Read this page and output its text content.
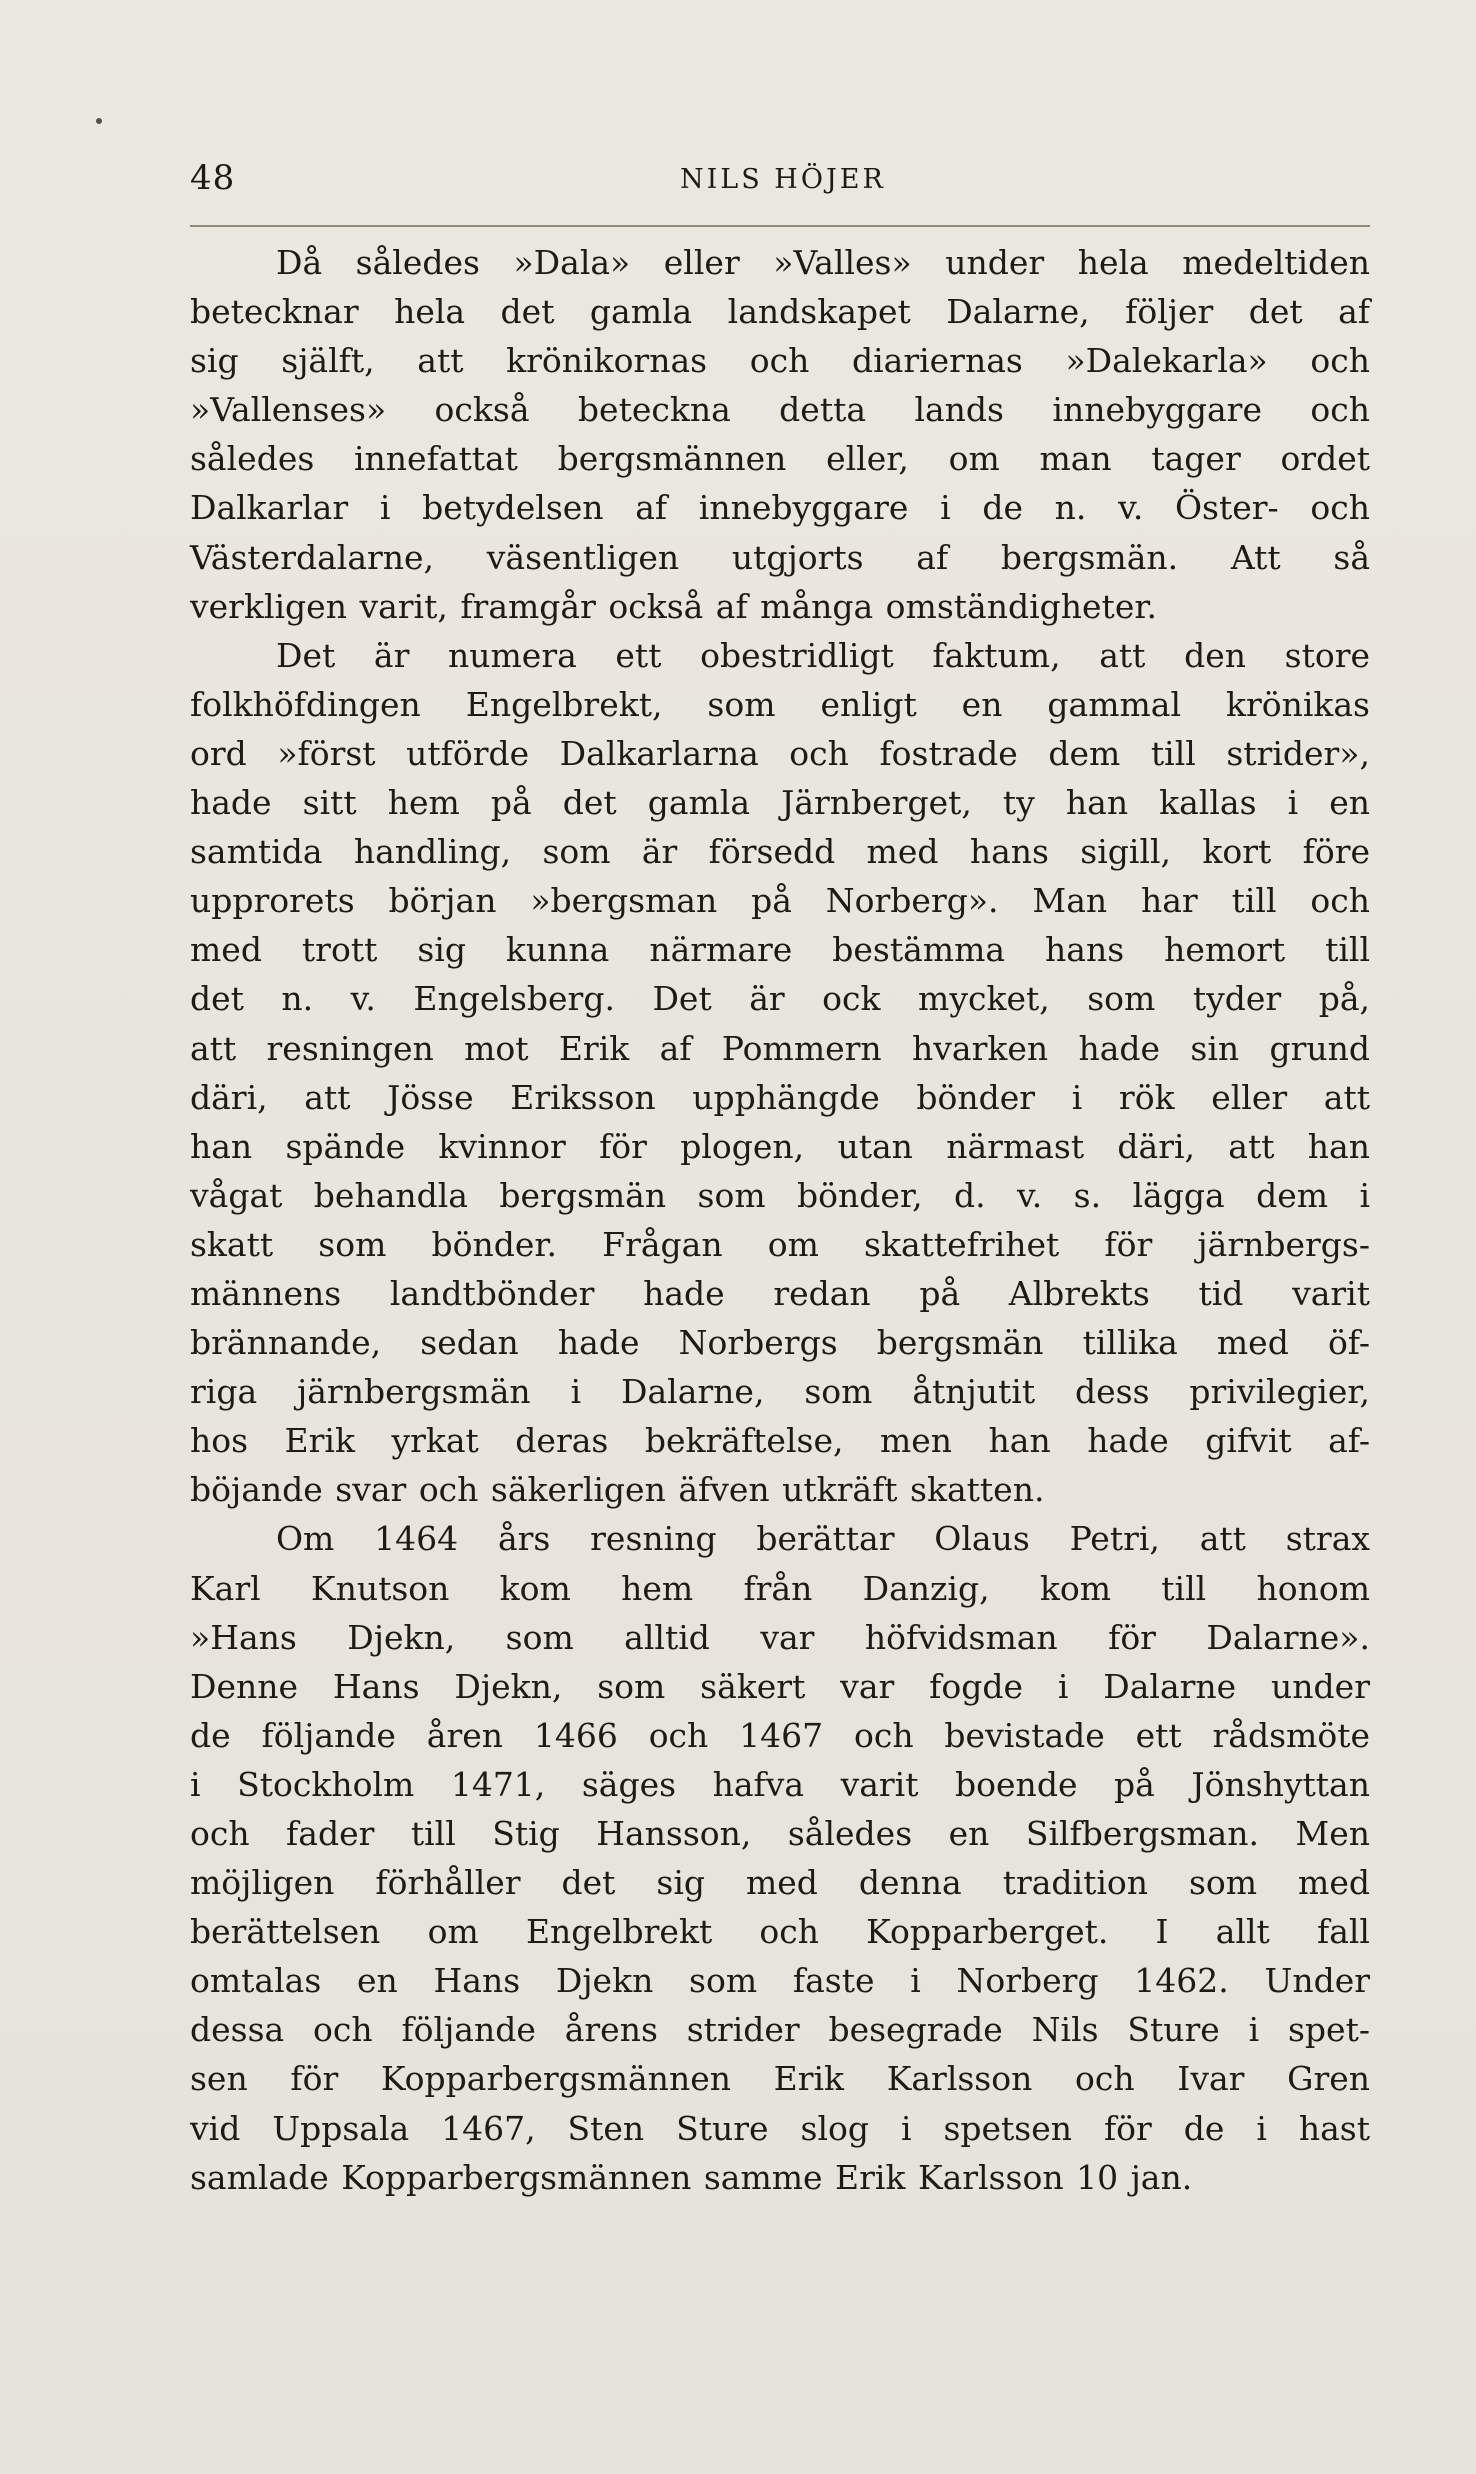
48	NILS HÖJER
Då således »Dala» eller »Valles» under hela medeltiden
betecknar hela det gamla landskapet Dalarne, följer det af
sig själft, att krönikornas och diariernas »Dalekarla» och
»Vallenses» också beteckna detta lands innebyggare och
således innefattat bergsmännen eller, om man tager ordet
Dalkarlar i betydelsen af innebyggare i de n. v. Öster- och
Västerdalarne, väsentligen utgjorts af bergsmän. Att så
verkligen varit, framgår också af många omständigheter.
Det är numera ett obestridligt faktum, att den store
folkhöfdingen Engelbrekt, som enligt en gammal krönikas
ord »först utförde Dalkarlarna och fostrade dem till strider»,
hade sitt hem på det gamla Järnberget, ty han kallas i en
samtida handling, som är försedd med hans sigill, kort före
upprorets början »bergsman på Norberg». Man har till och
med trott sig kunna närmare bestämma hans hemort till
det n. v. Engelsberg. Det är ock mycket, som tyder på,
att resningen mot Erik af Pommern hvarken hade sin grund
däri, att Jösse Eriksson upphängde bönder i rök eller att
han spände kvinnor för plogen, utan närmast däri, att han
vågat behandla bergsmän som bönder, d. v. s. lägga dem i
skatt som bönder. Frågan om skattefrihet för järnbergs-
männens landtbönder hade redan på Albrekts tid varit
brännande, sedan hade Norbergs bergsmän tillika med öf-
riga järnbergsmän i Dalarne, som åtnjutit dess privilegier,
hos Erik yrkat deras bekräftelse, men han hade gifvit af-
böjande svar och säkerligen äfven utkräft skatten.
Om 1464 års resning berättar Olaus Petri, att strax
Karl Knutson kom hem från Danzig, kom till honom
»Hans Djekn, som alltid var höfvidsman för Dalarne».
Denne Hans Djekn, som säkert var fogde i Dalarne under
de följande åren 1466 och 1467 och bevistade ett rådsmöte
i Stockholm 1471, säges hafva varit boende på Jönshyttan
och fader till Stig Hansson, således en Silfbergsman. Men
möjligen förhåller det sig med denna tradition som med
berättelsen om Engelbrekt och Kopparberget. I allt fall
omtalas en Hans Djekn som faste i Norberg 1462. Under
dessa och följande årens strider besegrade Nils Sture i spet-
sen för Kopparbergsmännen Erik Karlsson och Ivar Gren
vid Uppsala 1467, Sten Sture slog i spetsen för de i hast
samlade Kopparbergsmännen samme Erik Karlsson 10 jan.
